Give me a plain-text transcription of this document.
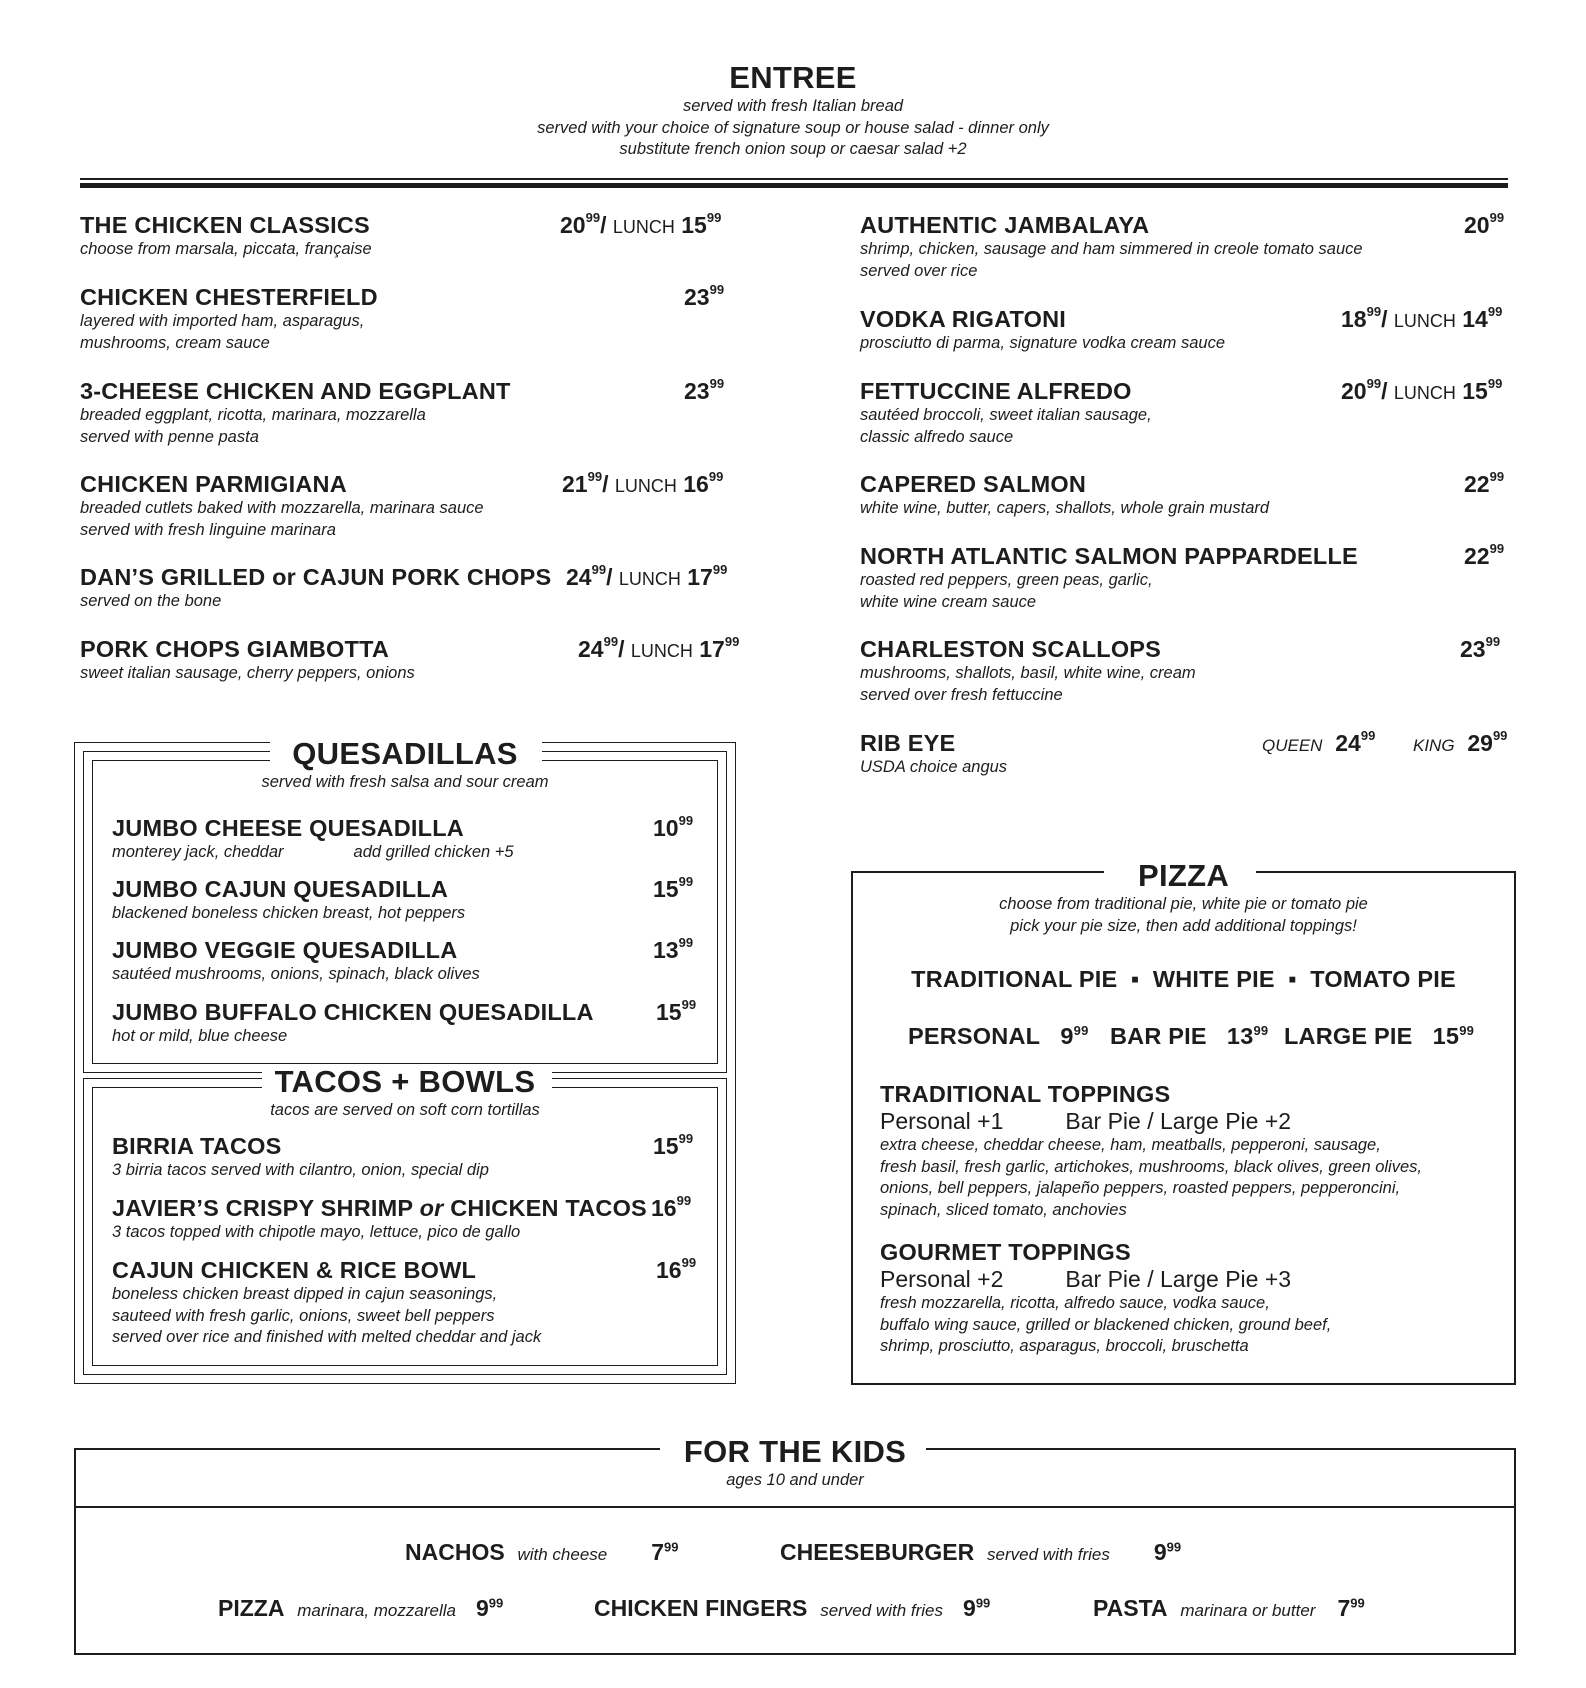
ENTREE
served with fresh Italian bread
served with your choice of signature soup or house salad - dinner only
substitute french onion soup or caesar salad +2
THE CHICKEN CLASSICS
choose from marsala, piccata, française
$20^{99}/$ LUNCH $15^{99}$
CHICKEN CHESTERFIELD
layered with imported ham, asparagus,
mushrooms, cream sauce
$23^{99}$
3-CHEESE CHICKEN AND EGGPLANT
breaded eggplant, ricotta, marinara, mozzarella
served with penne pasta
$23^{99}$
CHICKEN PARMIGIANA
breaded cutlets baked with mozzarella, marinara sauce
served with fresh linguine marinara
$21^{99}/$ LUNCH $16^{99}$
DAN’S GRILLED or CAJUN PORK CHOPS
served on the bone
$24^{99}/$ LUNCH $17^{99}$
PORK CHOPS GIAMBOTTA
sweet italian sausage, cherry peppers, onions
$24^{99}/$ LUNCH $17^{99}$
AUTHENTIC JAMBALAYA
shrimp, chicken, sausage and ham simmered in creole tomato sauce
served over rice
$20^{99}$
VODKA RIGATONI
prosciutto di parma, signature vodka cream sauce
$18^{99}/$ LUNCH $14^{99}$
FETTUCCINE ALFREDO
sautéed broccoli, sweet italian sausage,
classic alfredo sauce
$20^{99}/$ LUNCH $15^{99}$
CAPERED SALMON
white wine, butter, capers, shallots, whole grain mustard
$22^{99}$
NORTH ATLANTIC SALMON PAPPARDELLE
roasted red peppers, green peas, garlic,
white wine cream sauce
$22^{99}$
CHARLESTON SCALLOPS
mushrooms, shallots, basil, white wine, cream
served over fresh fettuccine
$23^{99}$
RIB EYE
USDA choice angus
QUEEN $24^{99}$
KING $29^{99}$
QUESADILLAS
served with fresh salsa and sour cream
JUMBO CHEESE QUESADILLA
monterey jack, cheddar	add grilled chicken +5
$10^{99}$
JUMBO CAJUN QUESADILLA
blackened boneless chicken breast, hot peppers
$15^{99}$
JUMBO VEGGIE QUESADILLA
sautéed mushrooms, onions, spinach, black olives
$13^{99}$
JUMBO BUFFALO CHICKEN QUESADILLA
hot or mild, blue cheese
$15^{99}$
TACOS + BOWLS
tacos are served on soft corn tortillas
BIRRIA TACOS
3 birria tacos served with cilantro, onion, special dip
$15^{99}$
JAVIER’S CRISPY SHRIMP or CHICKEN TACOS
3 tacos topped with chipotle mayo, lettuce, pico de gallo
$16^{99}$
CAJUN CHICKEN & RICE BOWL
boneless chicken breast dipped in cajun seasonings,
sauteed with fresh garlic, onions, sweet bell peppers
served over rice and finished with melted cheddar and jack
$16^{99}$
PIZZA
choose from traditional pie, white pie or tomato pie
pick your pie size, then add additional toppings!
TRADITIONAL PIE  ▪  WHITE PIE  ▪  TOMATO PIE
PERSONAL $9^{99}$ BAR PIE $13^{99}$ LARGE PIE $15^{99}$
TRADITIONAL TOPPINGS
Personal +1	Bar Pie / Large Pie +2
extra cheese, cheddar cheese, ham, meatballs, pepperoni, sausage,
fresh basil, fresh garlic, artichokes, mushrooms, black olives, green olives,
onions, bell peppers, jalapeño peppers, roasted peppers, pepperoncini,
spinach, sliced tomato, anchovies
GOURMET TOPPINGS
Personal +2	Bar Pie / Large Pie +3
fresh mozzarella, ricotta, alfredo sauce, vodka sauce,
buffalo wing sauce, grilled or blackened chicken, ground beef,
shrimp, prosciutto, asparagus, broccoli, bruschetta
FOR THE KIDS
ages 10 and under
NACHOS with cheese $7^{99}$	CHEESEBURGER served with fries $9^{99}$
PIZZA marinara, mozzarella $9^{99}$	CHICKEN FINGERS served with fries $9^{99}$	PASTA marinara or butter $7^{99}$
